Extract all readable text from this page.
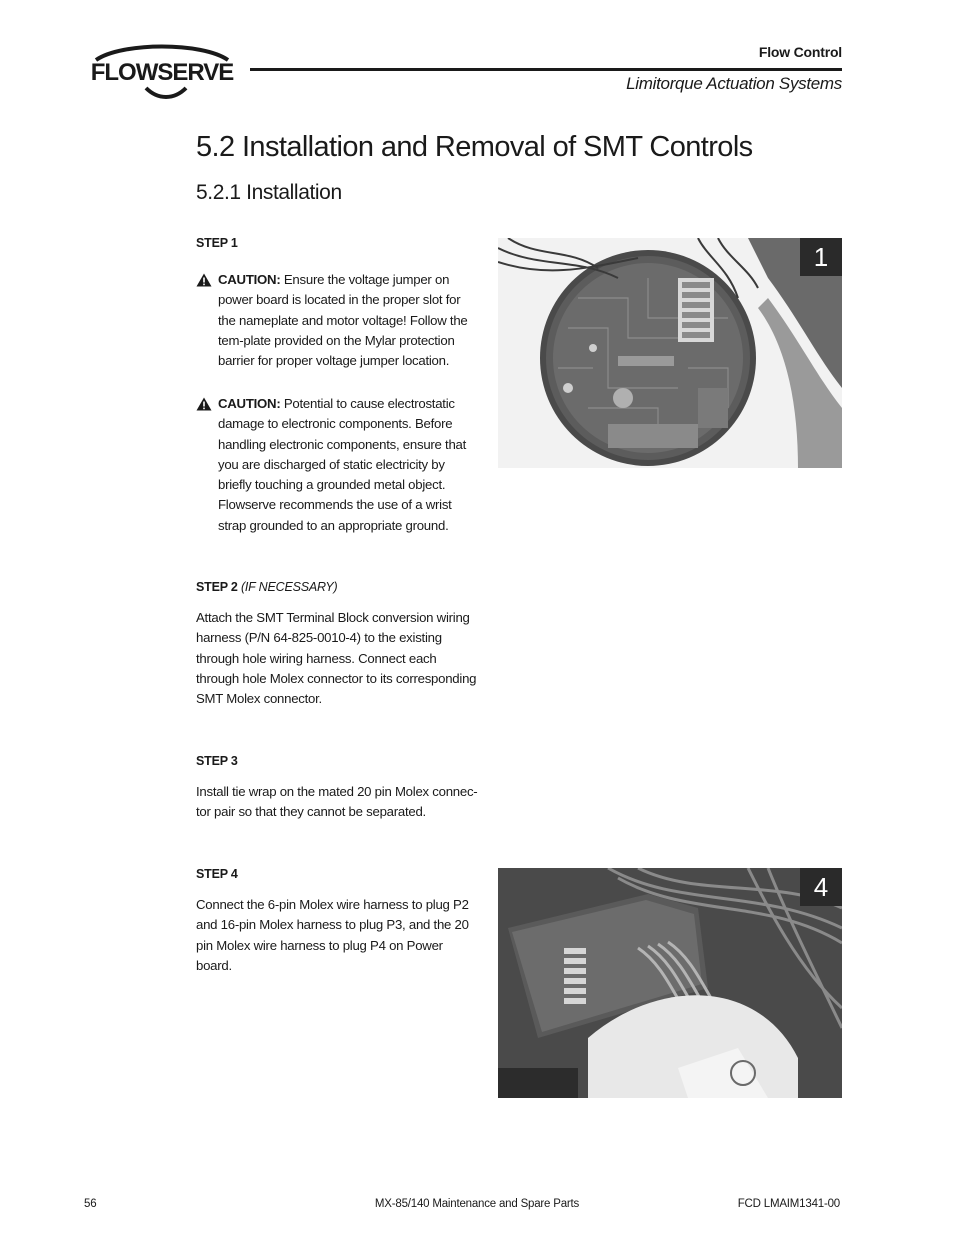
FLOWSERVE
Flow Control
Limitorque Actuation Systems
5.2 Installation and Removal of SMT Controls
5.2.1 Installation
STEP 1
CAUTION: Ensure the voltage jumper on power board is located in the proper slot for the nameplate and motor voltage! Follow the tem-plate provided on the Mylar protection barrier for proper voltage jumper location.
CAUTION: Potential to cause electrostatic damage to electronic components. Before handling electronic components, ensure that you are discharged of static electricity by briefly touching a grounded metal object. Flowserve recommends the use of a wrist strap grounded to an appropriate ground.
STEP 2 (IF NECESSARY)
Attach the SMT Terminal Block conversion wiring harness (P/N 64-825-0010-4) to the existing through hole wiring harness. Connect each through hole Molex connector to its corresponding SMT Molex connector.
STEP 3
Install tie wrap on the mated 20 pin Molex connec-tor pair so that they cannot be separated.
STEP 4
Connect the 6-pin Molex wire harness to plug P2 and 16-pin Molex harness to plug P3, and the 20 pin Molex wire harness to plug P4 on Power board.
1
4
56	MX-85/140 Maintenance and Spare Parts	FCD LMAIM1341-00
